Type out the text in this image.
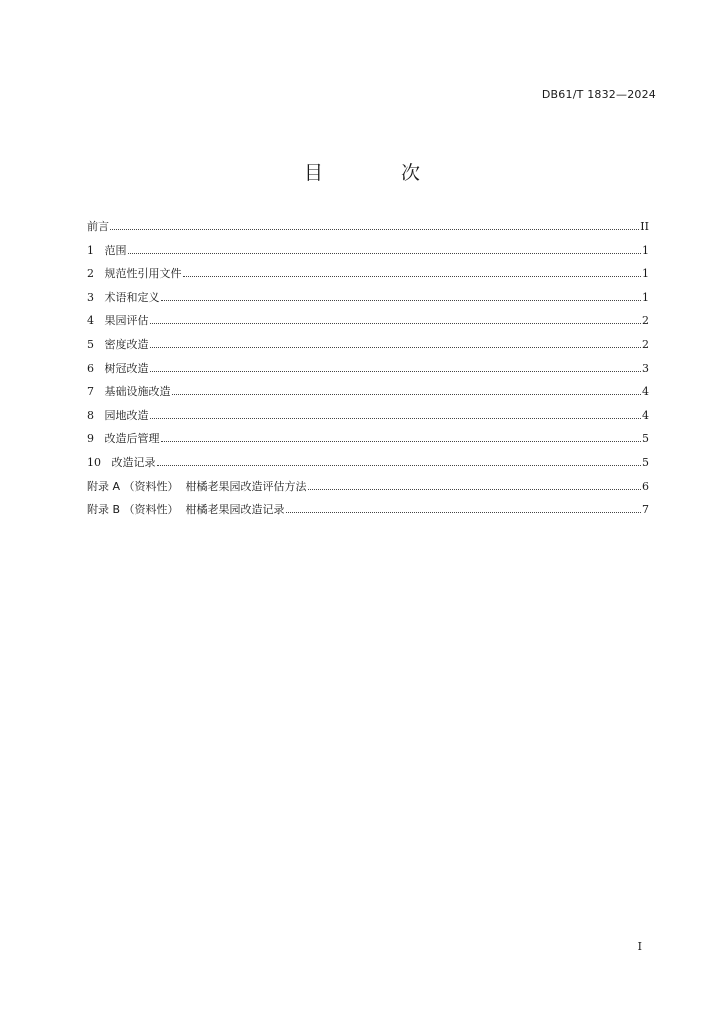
DB61/T 1832—2024
目 次
前言	II
1 范围	1
2 规范性引用文件	1
3 术语和定义	1
4 果园评估	2
5 密度改造	2
6 树冠改造	3
7 基础设施改造	4
8 园地改造	4
9 改造后管理	5
10 改造记录	5
附录 A （资料性）  柑橘老果园改造评估方法	6
附录 B （资料性）  柑橘老果园改造记录	7
I
